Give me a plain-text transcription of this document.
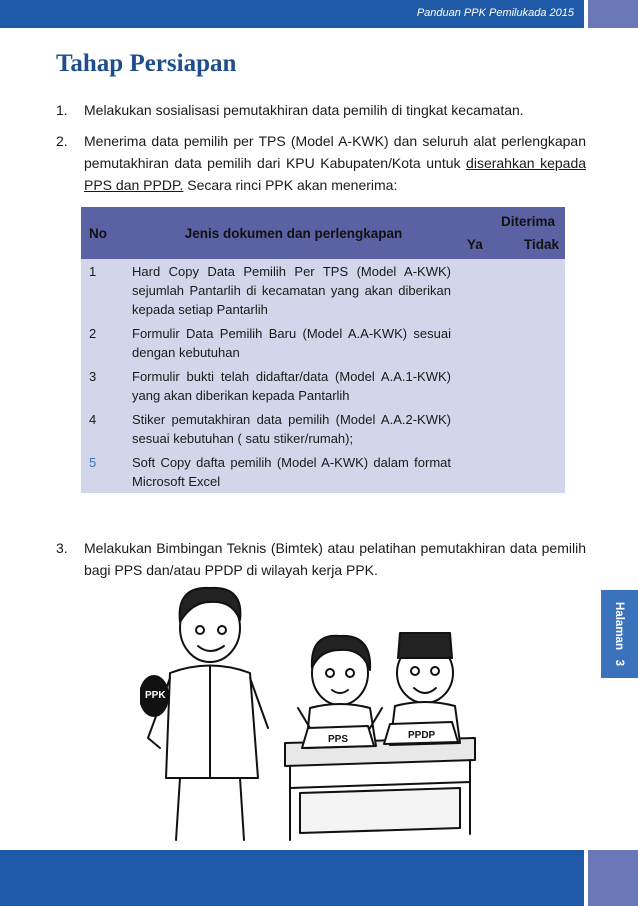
Panduan PPK Pemilukada 2015
Tahap Persiapan
1. Melakukan sosialisasi pemutakhiran data pemilih di tingkat kecamatan.
2. Menerima data pemilih per TPS (Model A-KWK) dan seluruh alat perlengkapan pemutakhiran data pemilih dari KPU Kabupaten/Kota untuk diserahkan kepada PPS dan PPDP. Secara rinci PPK akan menerima:
No	Jenis dokumen dan perlengkapan	Diterima
Ya Tidak

1	Hard Copy Data Pemilih Per TPS (Model A-KWK) sejumlah Pantarlih di kecamatan yang akan diberikan kepada setiap Pantarlih	
2	Formulir Data Pemilih Baru (Model A.A-KWK) sesuai dengan kebutuhan	
3	Formulir bukti telah didaftar/data (Model A.A.1-KWK) yang akan diberikan kepada Pantarlih	
4	Stiker pemutakhiran data pemilih (Model A.A.2-KWK) sesuai kebutuhan ( satu stiker/rumah);	
5	Soft Copy dafta pemilih (Model A-KWK) dalam format Microsoft Excel	
3. Melakukan Bimbingan Teknis (Bimtek) atau pelatihan pemutakhiran data pemilih bagi PPS dan/atau PPDP di wilayah kerja PPK.
Halaman   3
PPK
PPS	PPDP
